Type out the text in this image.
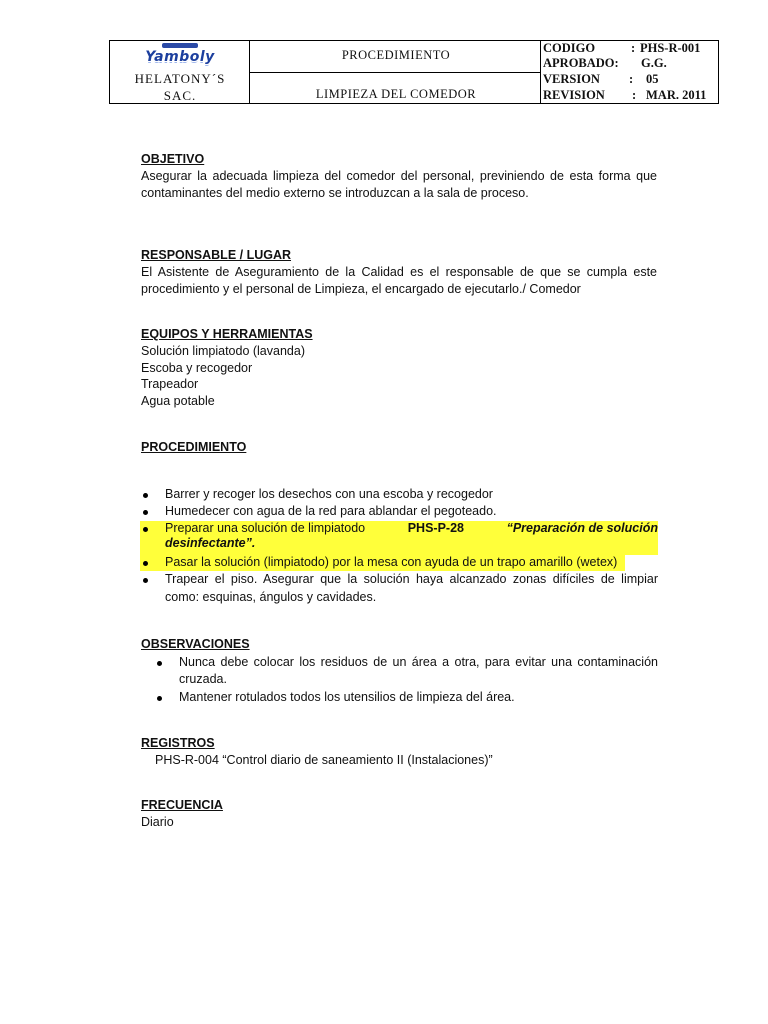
Yamboly
HELATONY´S
SAC.
PROCEDIMIENTO
LIMPIEZA DEL COMEDOR
CODIGO	: PHS-R-001
APROBADO: G.G.
VERSION : 05
REVISION : MAR. 2011
OBJETIVO
Asegurar la adecuada limpieza del comedor del personal, previniendo de esta forma que contaminantes del medio externo se introduzcan a la sala de proceso.
RESPONSABLE / LUGAR
El Asistente de Aseguramiento de la Calidad es el responsable de que se cumpla este procedimiento y el personal de Limpieza, el encargado de ejecutarlo./ Comedor
EQUIPOS Y HERRAMIENTAS
Solución limpiatodo (lavanda)
Escoba y recogedor
Trapeador
Agua potable
PROCEDIMIENTO
Barrer y recoger los desechos con una escoba y recogedor
Humedecer con agua de la red para ablandar el pegoteado.
Preparar una solución de limpiatodo	PHS-P-28	“Preparación de solución
desinfectante”.
Pasar la solución (limpiatodo) por la mesa con ayuda de un trapo amarillo (wetex)
Trapear el piso. Asegurar que la solución haya alcanzado zonas difíciles de limpiar
como: esquinas, ángulos y cavidades.
OBSERVACIONES
Nunca debe colocar los residuos de un área a otra, para evitar una contaminación
cruzada.
Mantener rotulados todos los utensilios de limpieza del área.
REGISTROS
PHS-R-004 “Control diario de saneamiento II (Instalaciones)”
FRECUENCIA
Diario
